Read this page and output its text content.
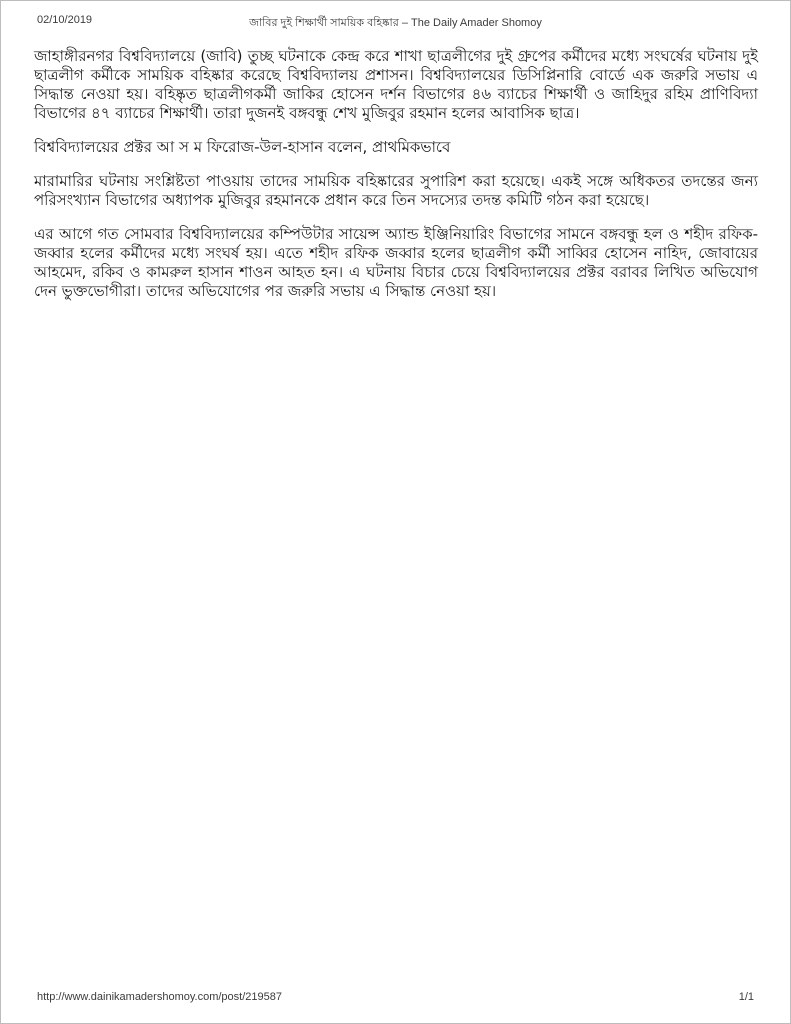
02/10/2019	জাবির দুই শিক্ষার্থী সাময়িক বহিষ্কার – The Daily Amader Shomoy

জাহাঙ্গীরনগর বিশ্ববিদ্যালয়ে (জাবি) তুচ্ছ ঘটনাকে কেন্দ্র করে শাখা ছাত্রলীগের দুই গ্রুপের কর্মীদের মধ্যে সংঘর্ষের ঘটনায় দুই ছাত্রলীগ কর্মীকে সাময়িক বহিষ্কার করেছে বিশ্ববিদ্যালয় প্রশাসন। বিশ্ববিদ্যালয়ের ডিসিপ্লিনারি বোর্ডে এক জরুরি সভায় এ সিদ্ধান্ত নেওয়া হয়। বহিষ্কৃত ছাত্রলীগকর্মী জাকির হোসেন দর্শন বিভাগের ৪৬ ব্যাচের শিক্ষার্থী ও জাহিদুর রহিম প্রাণিবিদ্যা বিভাগের ৪৭ ব্যাচের শিক্ষার্থী। তারা দুজনই বঙ্গবন্ধু শেখ মুজিবুর রহমান হলের আবাসিক ছাত্র।

বিশ্ববিদ্যালয়ের প্রক্টর আ স ম ফিরোজ-উল-হাসান বলেন, প্রাথমিকভাবে

মারামারির ঘটনায় সংশ্লিষ্টতা পাওয়ায় তাদের সাময়িক বহিষ্কারের সুপারিশ করা হয়েছে। একই সঙ্গে অধিকতর তদন্তের জন্য পরিসংখ্যান বিভাগের অধ্যাপক মুজিবুর রহমানকে প্রধান করে তিন সদস্যের তদন্ত কমিটি গঠন করা হয়েছে।

এর আগে গত সোমবার বিশ্ববিদ্যালয়ের কম্পিউটার সায়েন্স অ্যান্ড ইঞ্জিনিয়ারিং বিভাগের সামনে বঙ্গবন্ধু হল ও শহীদ রফিক-জব্বার হলের কর্মীদের মধ্যে সংঘর্ষ হয়। এতে শহীদ রফিক জব্বার হলের ছাত্রলীগ কর্মী সাব্বির হোসেন নাহিদ, জোবায়ের আহমেদ, রকিব ও কামরুল হাসান শাওন আহত হন। এ ঘটনায় বিচার চেয়ে বিশ্ববিদ্যালয়ের প্রক্টর বরাবর লিখিত অভিযোগ দেন ভুক্তভোগীরা। তাদের অভিযোগের পর জরুরি সভায় এ সিদ্ধান্ত নেওয়া হয়।

http://www.dainikamadershomoy.com/post/219587	1/1
